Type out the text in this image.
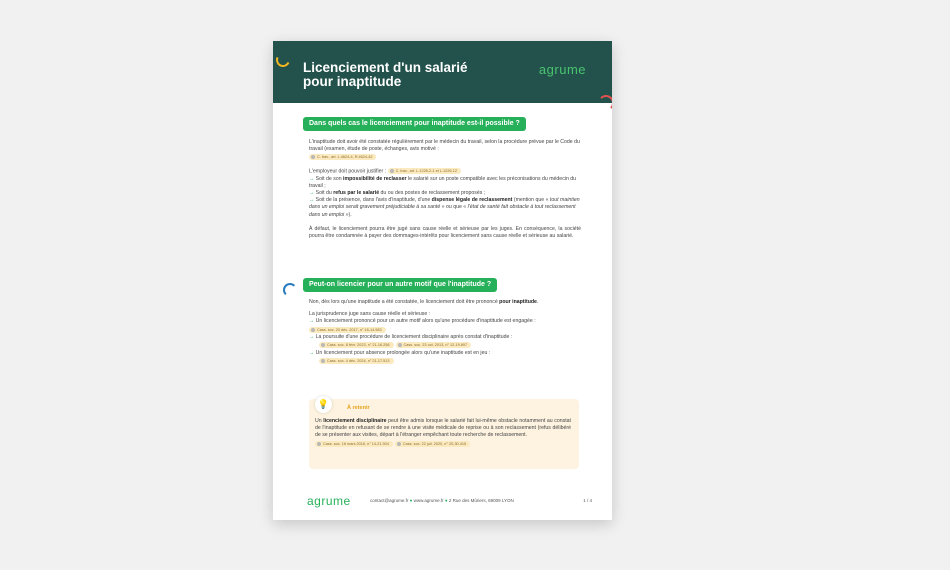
Licenciement d'un salarié
pour inaptitude
agrume
Dans quels cas le licenciement pour inaptitude est-il possible ?

L'inaptitude doit avoir été constatée régulièrement par le médecin du travail, selon la procédure prévue par le Code du travail (examen, étude de poste, échanges, avis motivé :

C. trav., art. L.4624-4, R.4624-42

L'employeur doit pouvoir justifier : C. trav., art. L.1226-2-1 et L.1226-12

→ Soit de son impossibilité de reclasser le salarié sur un poste compatible avec les préconisations du médecin du travail ;

→ Soit du refus par le salarié du ou des postes de reclassement proposés ;

→ Soit de la présence, dans l'avis d'inaptitude, d'une dispense légale de reclassement (mention que « tout maintien dans un emploi serait gravement préjudiciable à sa santé » ou que « l'état de santé fait obstacle à tout reclassement dans un emploi »).

À défaut, le licenciement pourra être jugé sans cause réelle et sérieuse par les juges. En conséquence, la société pourra être condamnée à payer des dommages-intérêts pour licenciement sans cause réelle et sérieuse au salarié.

Peut-on licencier pour un autre motif que l'inaptitude ?

Non, dès lors qu'une inaptitude a été constatée, le licenciement doit être prononcé pour inaptitude.

La jurisprudence juge sans cause réelle et sérieuse :

→ Un licenciement prononcé pour un autre motif alors qu'une procédure d'inaptitude est engagée : Cass. soc. 20 déc. 2017, n° 16-14.983

→ La poursuite d'une procédure de licenciement disciplinaire après constat d'inaptitude :

Cass. soc. 8 févr. 2023, n° 21-16.258	Cass. soc. 23 oct. 2013, n° 12-19.897

→ Un licenciement pour absence prolongée alors qu'une inaptitude est en jeu :

Cass. soc. 4 déc. 2024, n° 21-17.513

💡	À retenir

Un licenciement disciplinaire peut être admis lorsque le salarié fait lui-même obstacle notamment au constat de l'inaptitude en refusant de se rendre à une visite médicale de reprise ou à son reclassement (refus délibéré de se présenter aux visites, départ à l'étranger empêchant toute recherche de reclassement.

Cass. soc. 16 mars 2016, n° 14-21.304	Cass. soc. 22 juil. 2020, n° 20-30.415

agrume	contact@agrume.fr ● www.agrume.fr ● 2 Rue des Mûriers, 69009 LYON	1 / 4
